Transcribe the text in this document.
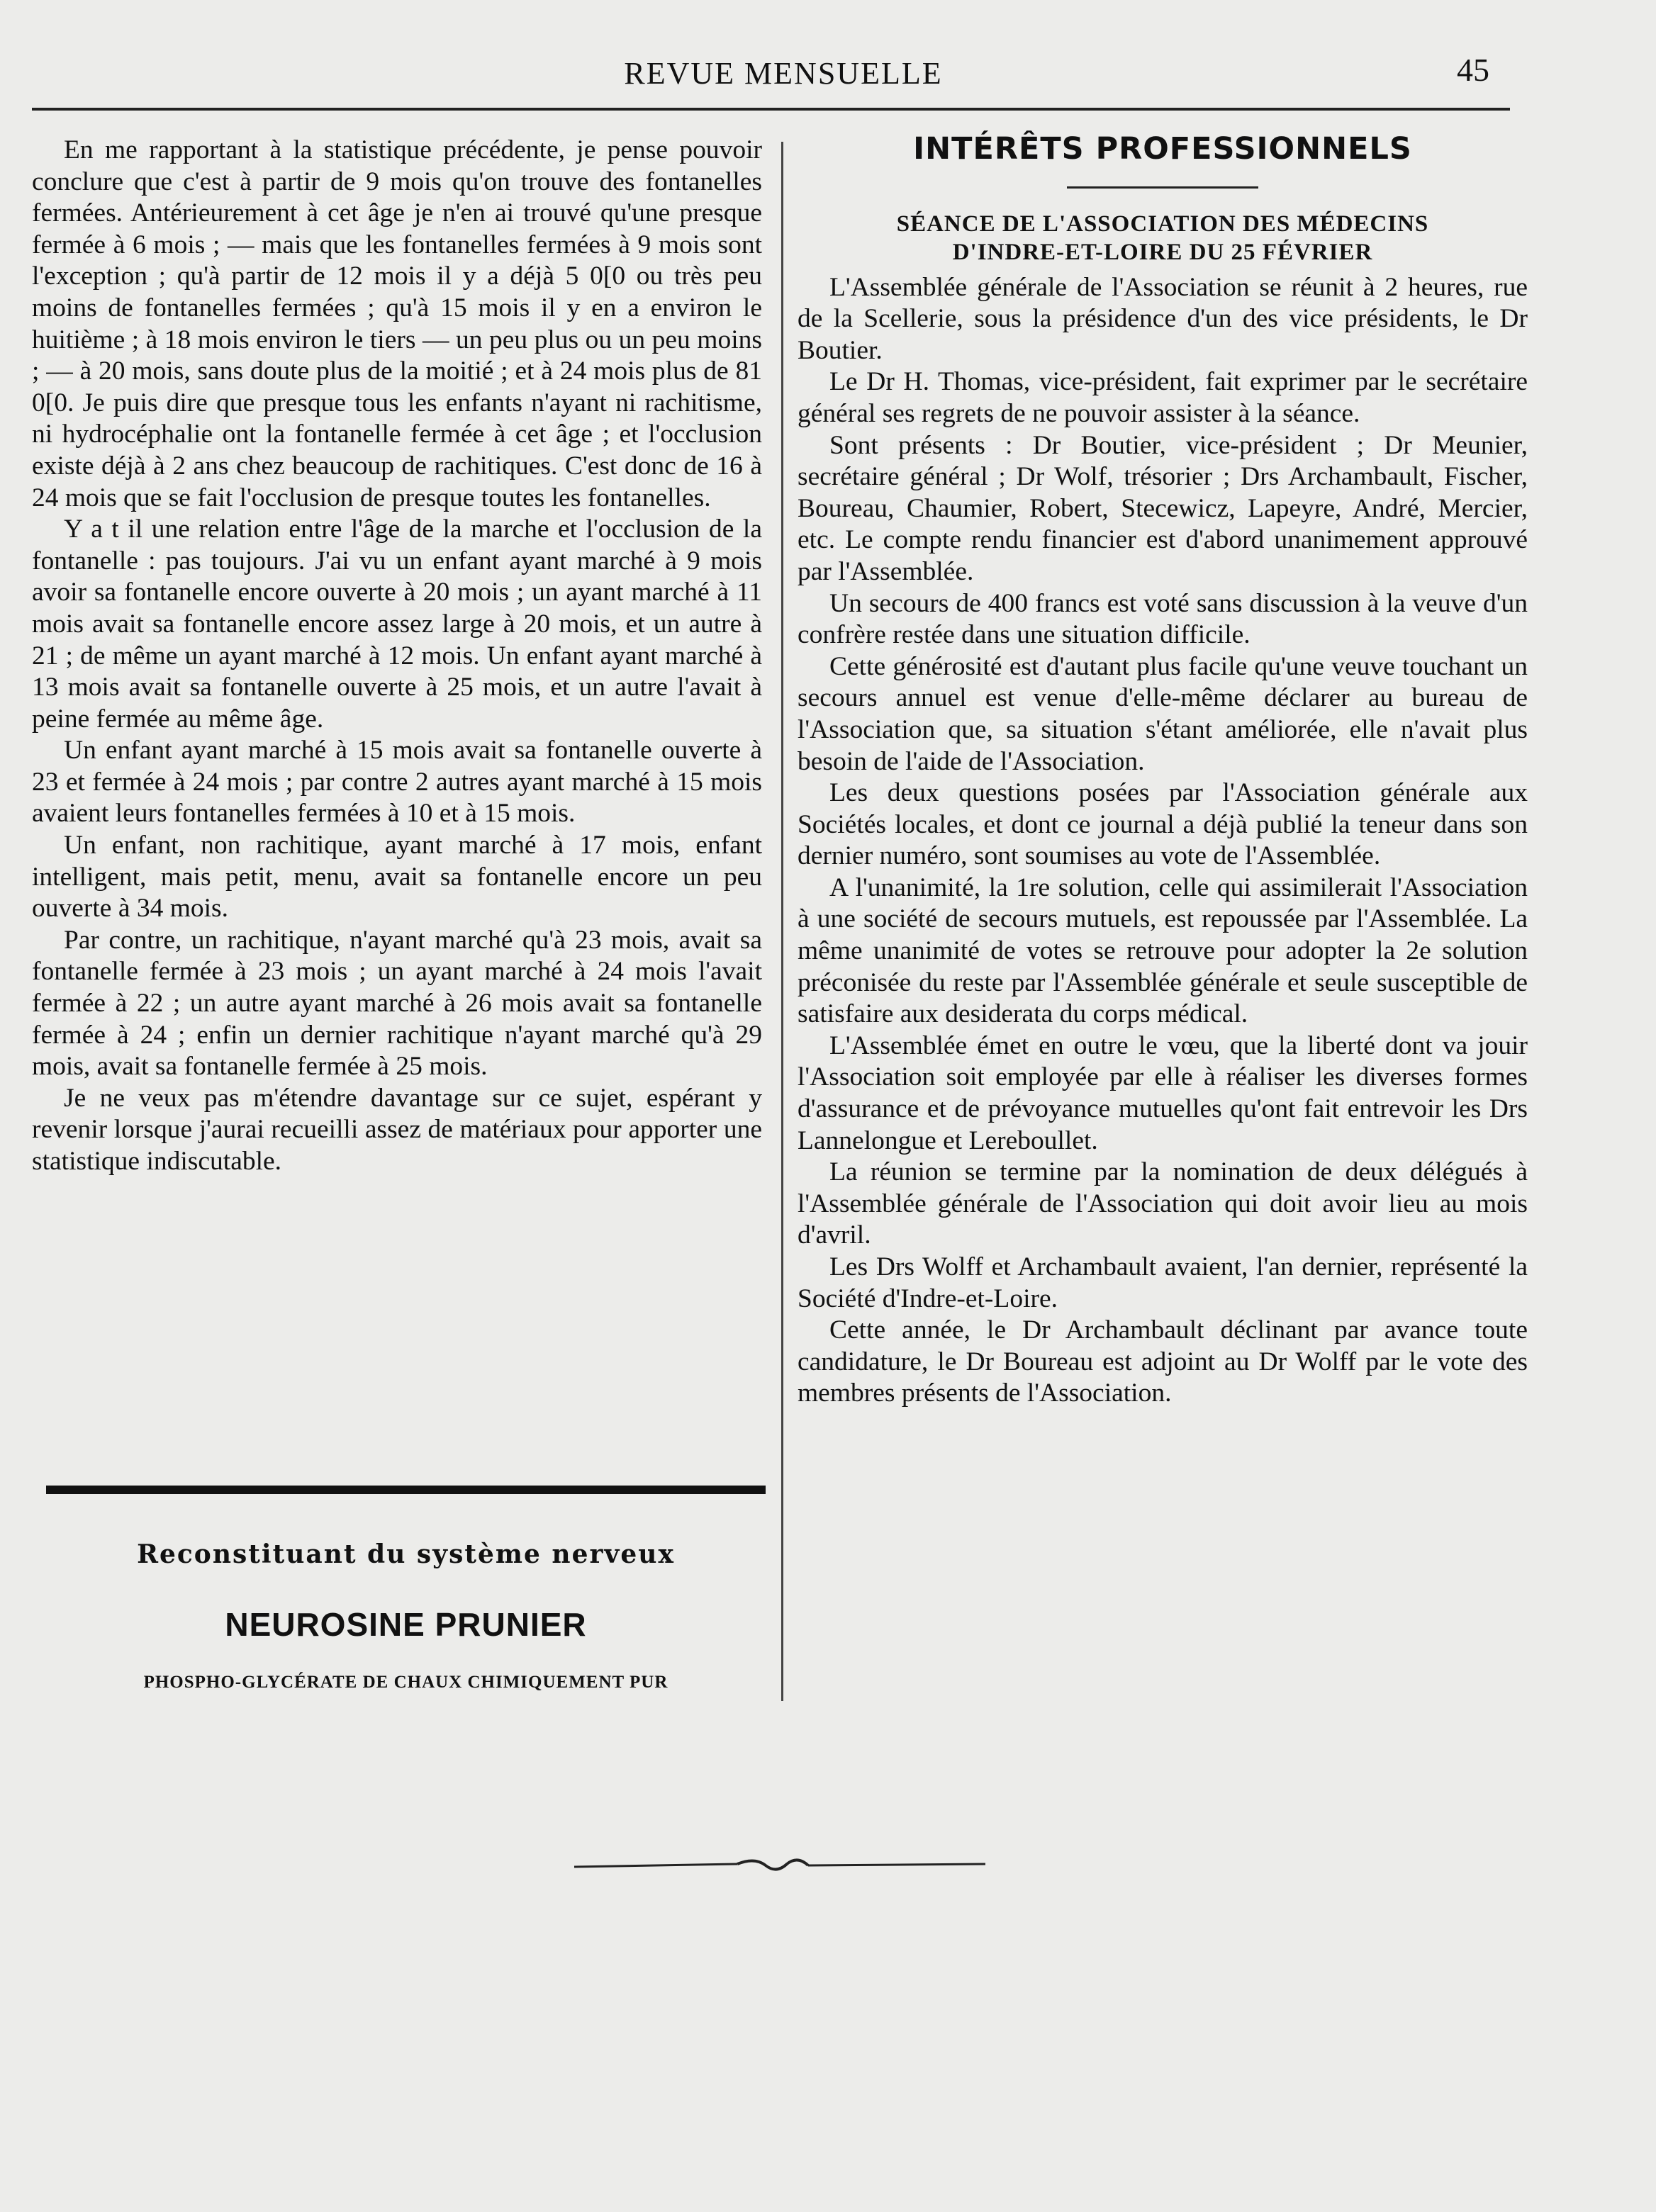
REVUE MENSUELLE	45

En me rapportant à la statistique précédente, je pense pouvoir conclure que c'est à partir de 9 mois qu'on trouve des fontanelles fermées. Antérieurement à cet âge je n'en ai trouvé qu'une presque fermée à 6 mois ; — mais que les fontanelles fermées à 9 mois sont l'exception ; qu'à partir de 12 mois il y a déjà 5 0[0 ou très peu moins de fontanelles fermées ; qu'à 15 mois il y en a environ le huitième ; à 18 mois environ le tiers — un peu plus ou un peu moins ; — à 20 mois, sans doute plus de la moitié ; et à 24 mois plus de 81 0[0. Je puis dire que presque tous les enfants n'ayant ni rachitisme, ni hydrocéphalie ont la fontanelle fermée à cet âge ; et l'occlusion existe déjà à 2 ans chez beaucoup de rachitiques. C'est donc de 16 à 24 mois que se fait l'occlusion de presque toutes les fontanelles.

Y a t il une relation entre l'âge de la marche et l'occlusion de la fontanelle : pas toujours. J'ai vu un enfant ayant marché à 9 mois avoir sa fontanelle encore ouverte à 20 mois ; un ayant marché à 11 mois avait sa fontanelle encore assez large à 20 mois, et un autre à 21 ; de même un ayant marché à 12 mois. Un enfant ayant marché à 13 mois avait sa fontanelle ouverte à 25 mois, et un autre l'avait à peine fermée au même âge.

Un enfant ayant marché à 15 mois avait sa fontanelle ouverte à 23 et fermée à 24 mois ; par contre 2 autres ayant marché à 15 mois avaient leurs fontanelles fermées à 10 et à 15 mois.

Un enfant, non rachitique, ayant marché à 17 mois, enfant intelligent, mais petit, menu, avait sa fontanelle encore un peu ouverte à 34 mois.

Par contre, un rachitique, n'ayant marché qu'à 23 mois, avait sa fontanelle fermée à 23 mois ; un ayant marché à 24 mois l'avait fermée à 22 ; un autre ayant marché à 26 mois avait sa fontanelle fermée à 24 ; enfin un dernier rachitique n'ayant marché qu'à 29 mois, avait sa fontanelle fermée à 25 mois.

Je ne veux pas m'étendre davantage sur ce sujet, espérant y revenir lorsque j'aurai recueilli assez de matériaux pour apporter une statistique indiscutable.

Reconstituant du système nerveux
NEUROSINE PRUNIER
PHOSPHO-GLYCÉRATE DE CHAUX CHIMIQUEMENT PUR
INTÉRÊTS PROFESSIONNELS
SÉANCE DE L'ASSOCIATION DES MÉDECINS
D'INDRE-ET-LOIRE DU 25 FÉVRIER

L'Assemblée générale de l'Association se réunit à 2 heures, rue de la Scellerie, sous la présidence d'un des vice présidents, le Dr Boutier.

Le Dr H. Thomas, vice-président, fait exprimer par le secrétaire général ses regrets de ne pouvoir assister à la séance.

Sont présents : Dr Boutier, vice-président ; Dr Meunier, secrétaire général ; Dr Wolf, trésorier ; Drs Archambault, Fischer, Boureau, Chaumier, Robert, Stecewicz, Lapeyre, André, Mercier, etc. Le compte rendu financier est d'abord unanimement approuvé par l'Assemblée.

Un secours de 400 francs est voté sans discussion à la veuve d'un confrère restée dans une situation difficile.

Cette générosité est d'autant plus facile qu'une veuve touchant un secours annuel est venue d'elle-même déclarer au bureau de l'Association que, sa situation s'étant améliorée, elle n'avait plus besoin de l'aide de l'Association.

Les deux questions posées par l'Association générale aux Sociétés locales, et dont ce journal a déjà publié la teneur dans son dernier numéro, sont soumises au vote de l'Assemblée.

A l'unanimité, la 1re solution, celle qui assimilerait l'Association à une société de secours mutuels, est repoussée par l'Assemblée. La même unanimité de votes se retrouve pour adopter la 2e solution préconisée du reste par l'Assemblée générale et seule susceptible de satisfaire aux desiderata du corps médical.

L'Assemblée émet en outre le vœu, que la liberté dont va jouir l'Association soit employée par elle à réaliser les diverses formes d'assurance et de prévoyance mutuelles qu'ont fait entrevoir les Drs Lannelongue et Lereboullet.

La réunion se termine par la nomination de deux délégués à l'Assemblée générale de l'Association qui doit avoir lieu au mois d'avril.

Les Drs Wolff et Archambault avaient, l'an dernier, représenté la Société d'Indre-et-Loire.

Cette année, le Dr Archambault déclinant par avance toute candidature, le Dr Boureau est adjoint au Dr Wolff par le vote des membres présents de l'Association.
